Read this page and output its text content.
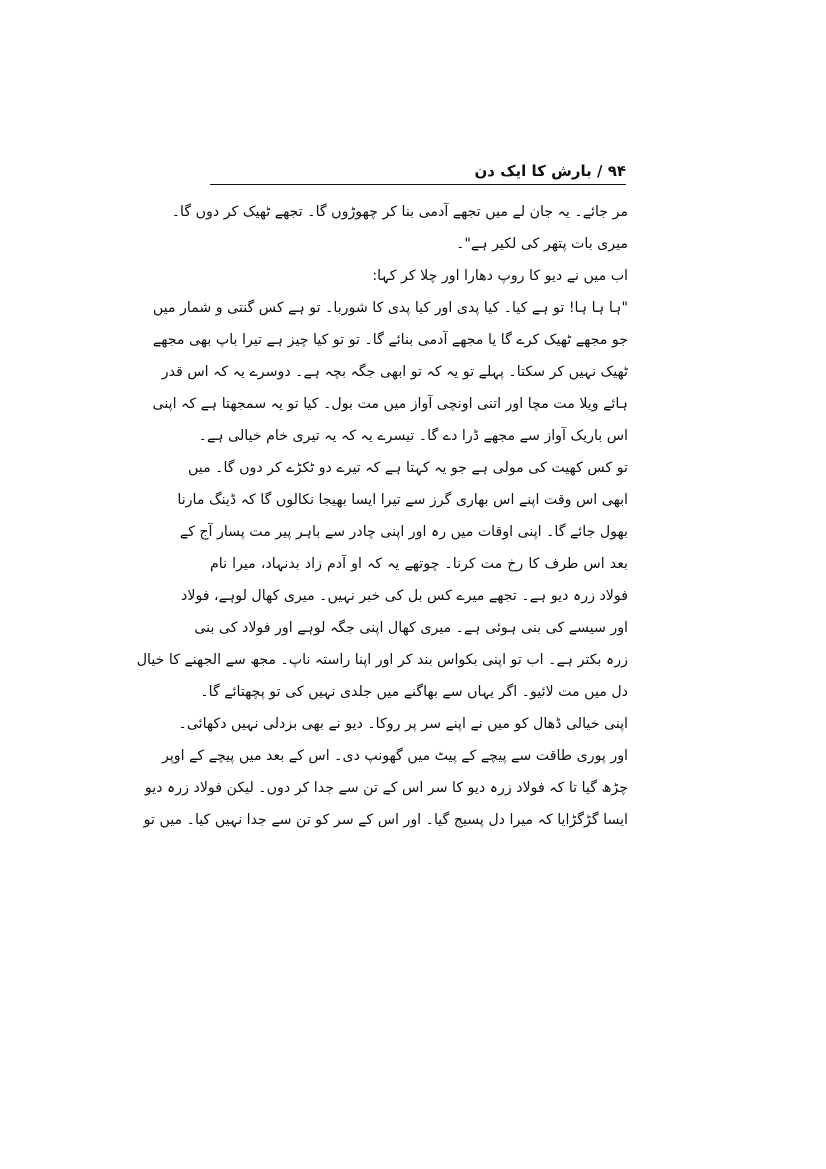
۹۴ / بارش کا ایک دن
مر جائے۔ یہ جان لے میں تجھے آدمی بنا کر چھوڑوں گا۔ تجھے ٹھیک کر دوں گا۔
میری بات پتھر کی لکیر ہے"۔
اب میں نے دیو کا روپ دھارا اور چلا کر کہا:
"ہا ہا ہا! تو ہے کیا۔ کیا پدی اور کیا پدی کا شوربا۔ تو ہے کس گنتی و شمار میں
جو مجھے ٹھیک کرے گا یا مجھے آدمی بنائے گا۔ تو تو کیا چیز ہے تیرا باپ بھی مجھے
ٹھیک نہیں کر سکتا۔ پہلے تو یہ کہ تو ابھی جگہ بچہ ہے۔ دوسرے یہ کہ اس قدر
ہائے ویلا مت مچا اور اتنی اونچی آواز میں مت بول۔ کیا تو یہ سمجھتا ہے کہ اپنی
اس باریک آواز سے مجھے ڈرا دے گا۔ تیسرے یہ کہ یہ تیری خام خیالی ہے۔
تو کس کھیت کی مولی ہے جو یہ کہتا ہے کہ تیرے دو ٹکڑے کر دوں گا۔ میں
ابھی اس وقت اپنے اس بھاری گرز سے تیرا ایسا بھیجا نکالوں گا کہ ڈینگ مارنا
بھول جائے گا۔ اپنی اوقات میں رہ اور اپنی چادر سے باہر پیر مت پسار آج کے
بعد اس طرف کا رخ مت کرنا۔ چوتھے یہ کہ او آدم زاد بدنہاد، میرا نام
فولاد زرہ دیو ہے۔ تجھے میرے کس بل کی خبر نہیں۔ میری کھال لوہے، فولاد
اور سیسے کی بنی ہوئی ہے۔ میری کھال اپنی جگہ لوہے اور فولاد کی بنی
زرہ بکتر ہے۔ اب تو اپنی بکواس بند کر اور اپنا راستہ ناپ۔ مجھ سے الجھنے کا خیال
دل میں مت لائیو۔ اگر یہاں سے بھاگنے میں جلدی نہیں کی تو پچھتائے گا۔
اپنی خیالی ڈھال کو میں نے اپنے سر پر روکا۔ دیو نے بھی بزدلی نہیں دکھائی۔
اور پوری طاقت سے پیچے کے پیٹ میں گھونپ دی۔ اس کے بعد میں پیچے کے اوپر
چڑھ گیا تا کہ فولاد زرہ دیو کا سر اس کے تن سے جدا کر دوں۔ لیکن فولاد زرہ دیو
ایسا گڑگڑایا کہ میرا دل پسیج گیا۔ اور اس کے سر کو تن سے جدا نہیں کیا۔ میں تو
